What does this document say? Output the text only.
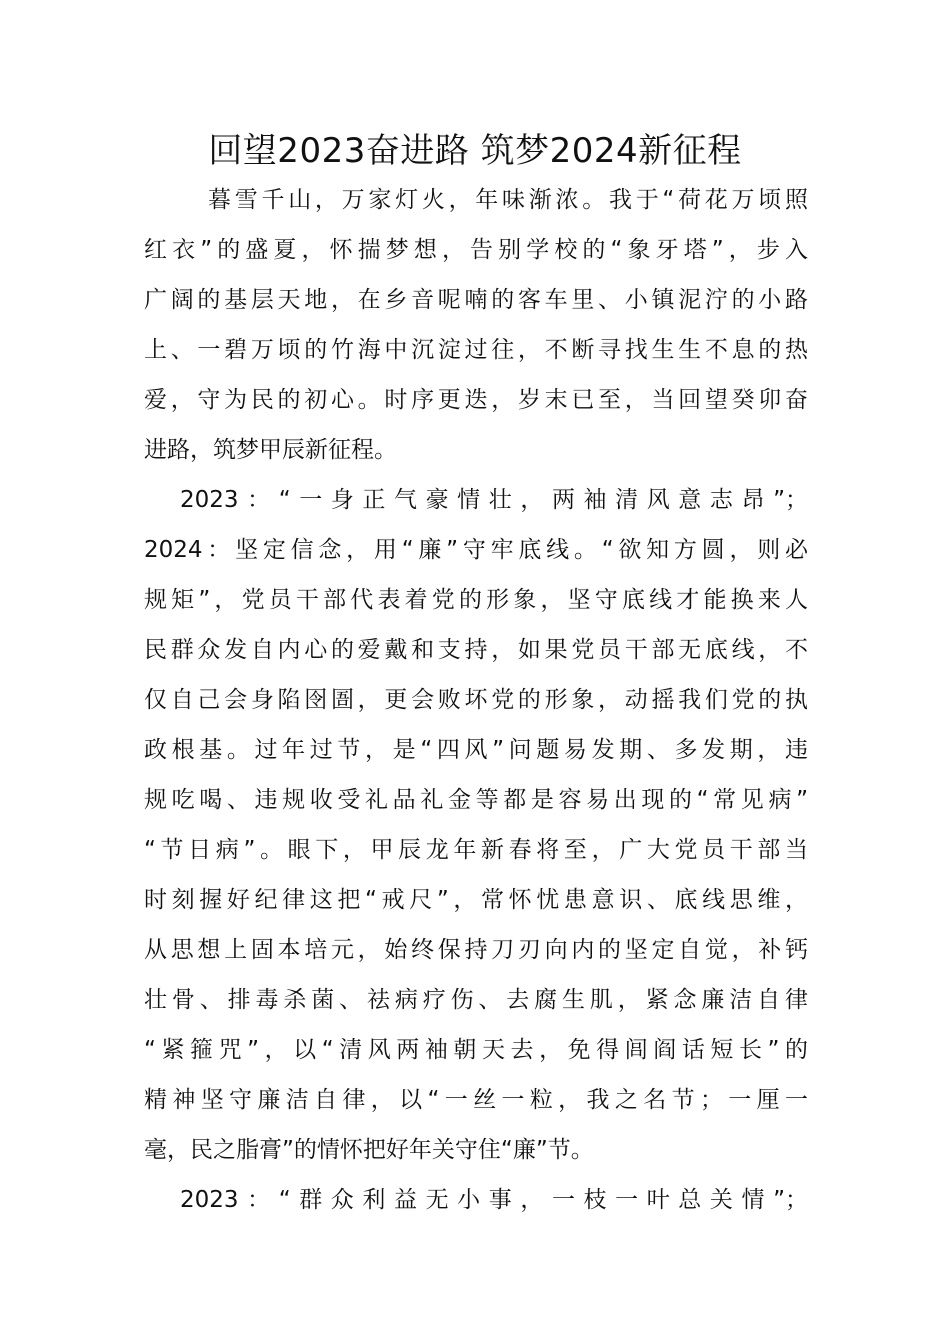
回望2023奋进路 筑梦2024新征程

暮雪千山，万家灯火，年味渐浓。我于“荷花万顷照
红衣”的盛夏，怀揣梦想，告别学校的“象牙塔”，步入
广阔的基层天地，在乡音呢喃的客车里、小镇泥泞的小路
上、一碧万顷的竹海中沉淀过往，不断寻找生生不息的热
爱，守为民的初心。时序更迭，岁末已至，当回望癸卯奋
进路，筑梦甲辰新征程。

2023：“一身正气豪情壮，两袖清风意志昂”；
2024：坚定信念，用“廉”守牢底线。“欲知方圆，则必
规矩”，党员干部代表着党的形象，坚守底线才能换来人
民群众发自内心的爱戴和支持，如果党员干部无底线，不
仅自己会身陷囹圄，更会败坏党的形象，动摇我们党的执
政根基。过年过节，是“四风”问题易发期、多发期，违
规吃喝、违规收受礼品礼金等都是容易出现的“常见病”
“节日病”。眼下，甲辰龙年新春将至，广大党员干部当
时刻握好纪律这把“戒尺”，常怀忧患意识、底线思维，
从思想上固本培元，始终保持刀刃向内的坚定自觉，补钙
壮骨、排毒杀菌、祛病疗伤、去腐生肌，紧念廉洁自律
“紧箍咒”，以“清风两袖朝天去，免得闾阎话短长”的
精神坚守廉洁自律，以“一丝一粒，我之名节；一厘一
毫，民之脂膏”的情怀把好年关守住“廉”节。

2023：“群众利益无小事，一枝一叶总关情”；
